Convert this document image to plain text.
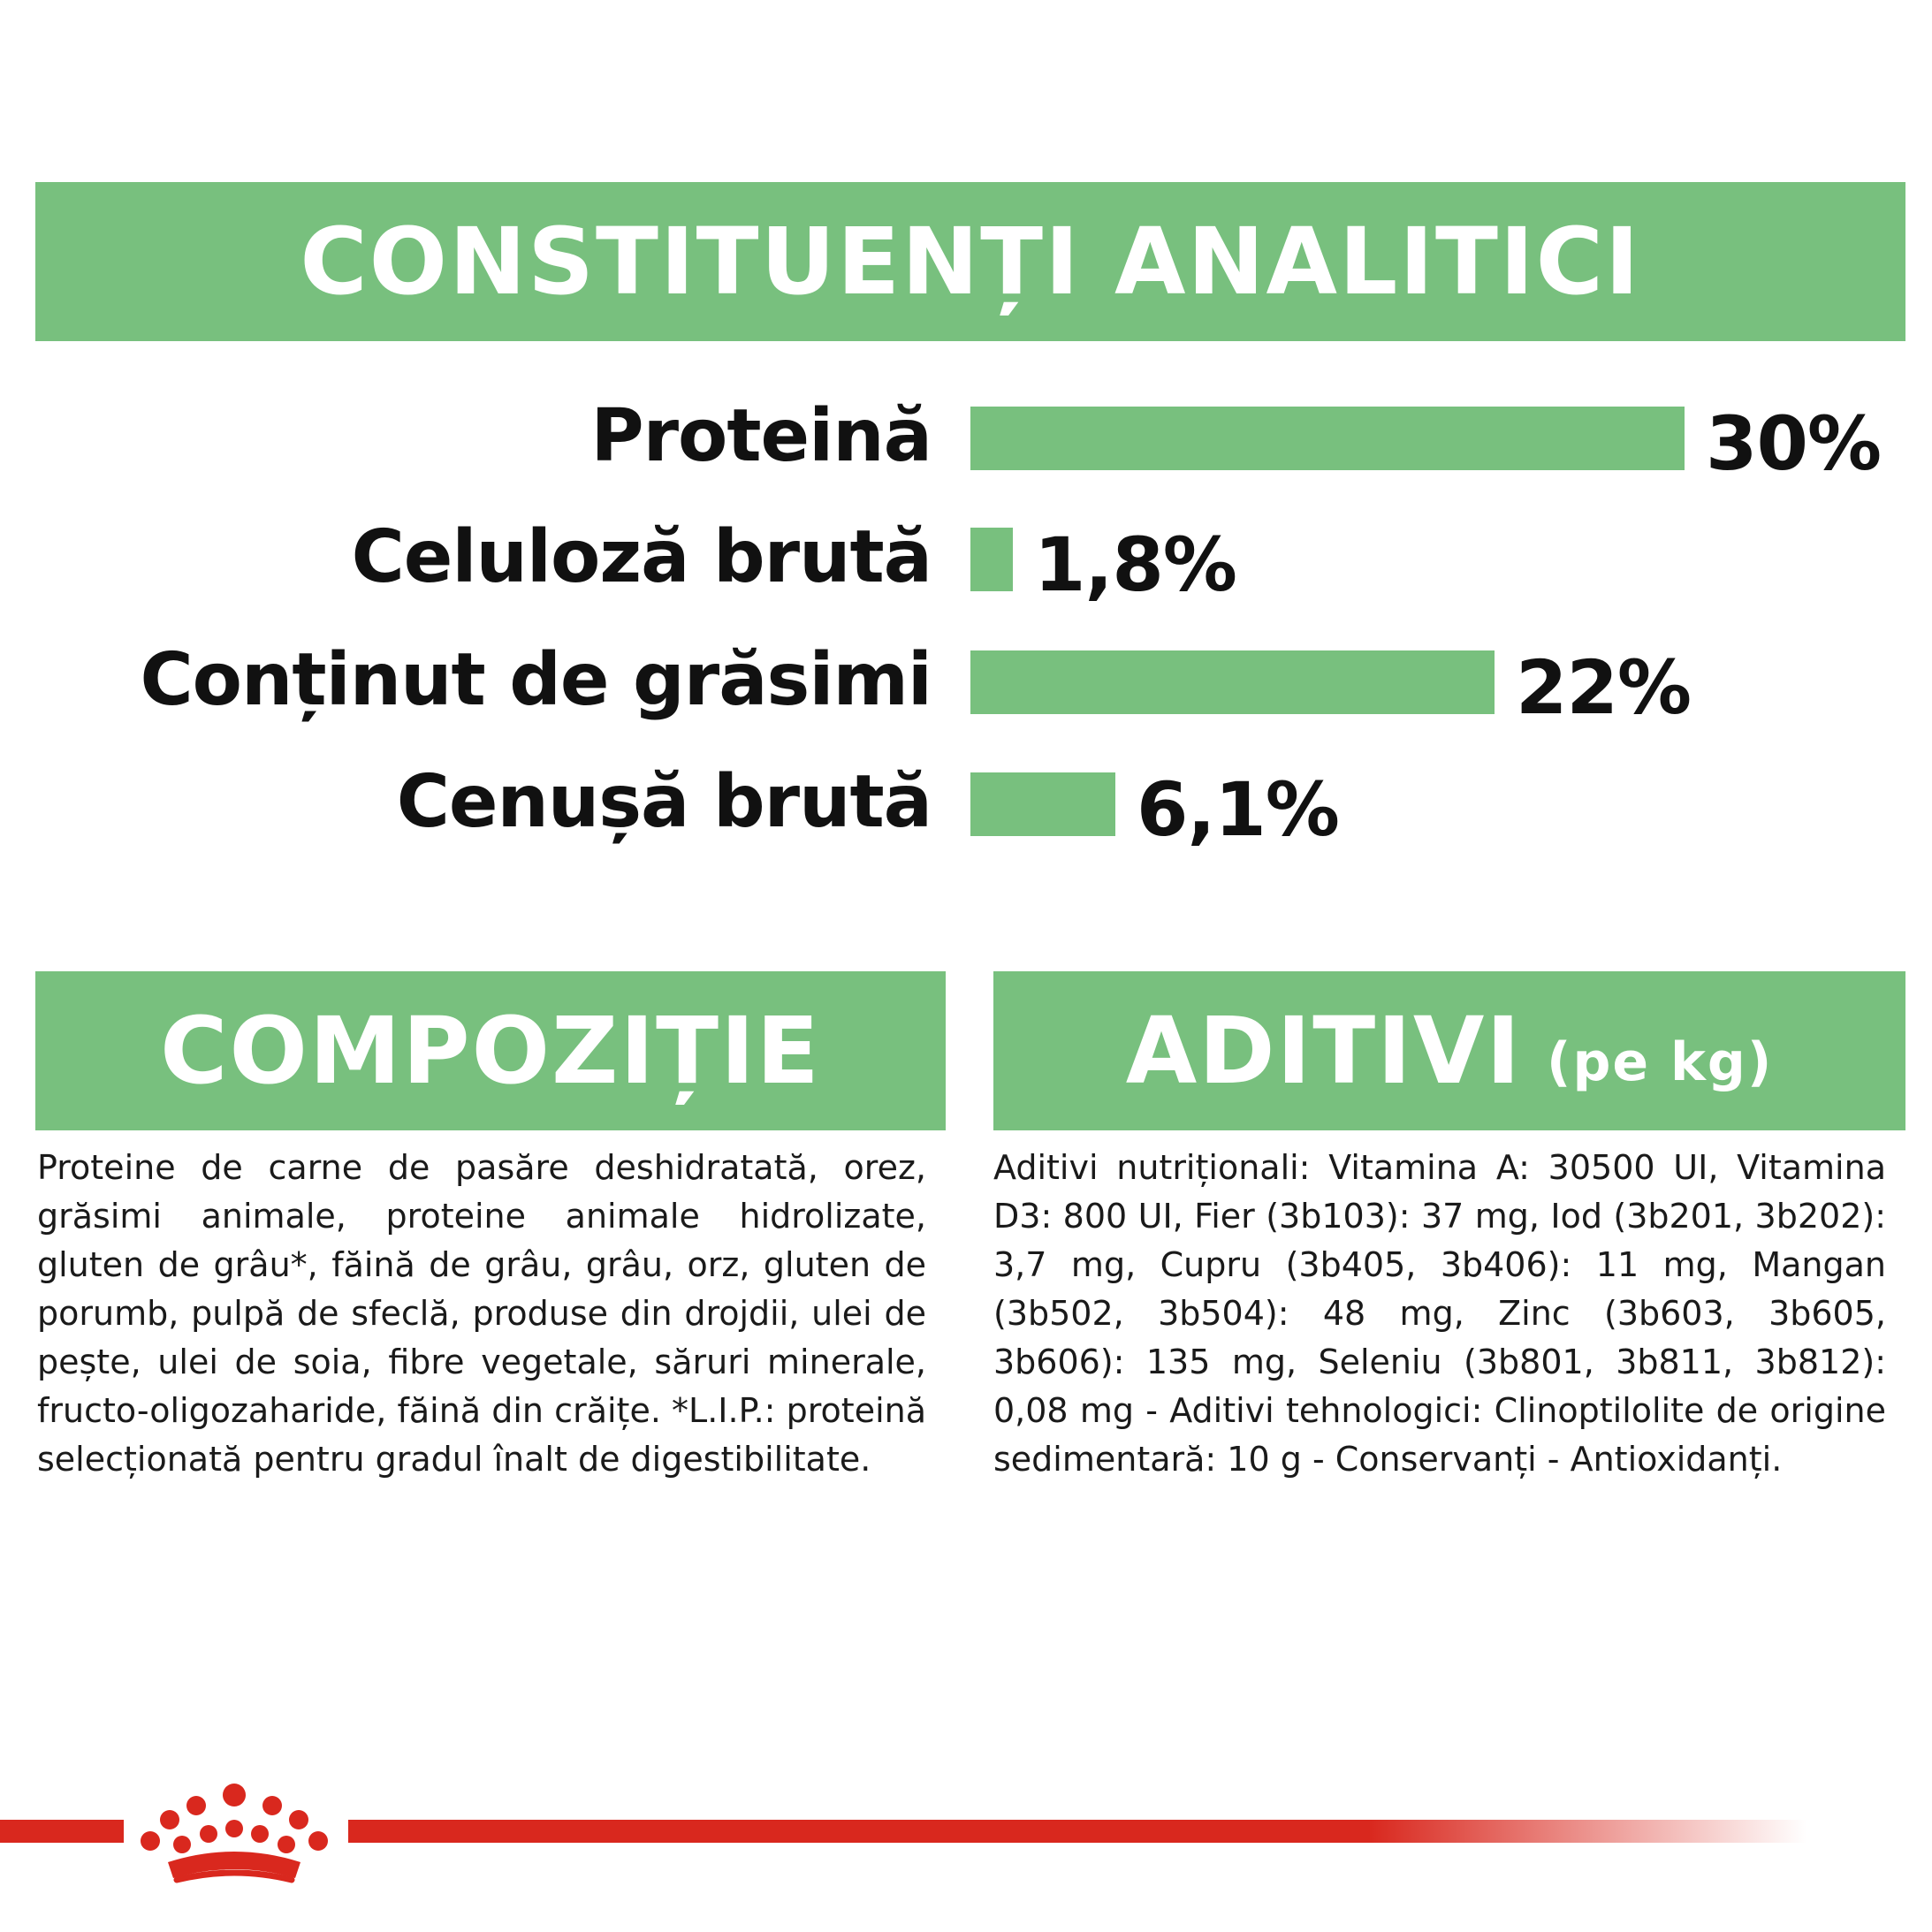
CONSTITUENȚI ANALITICI
Proteină	30%
Celuloză brută 1,8%
Conținut de grăsimi	22%
Cenușă brută	6,1%
COMPOZIȚIE	ADITIVI (pe kg)
Proteine de carne de pasăre deshidratată, orez, grăsimi animale, proteine animale hidrolizate, gluten de grâu*, făină de grâu, grâu, orz, gluten de porumb, pulpă de sfeclă, produse din drojdii, ulei de pește, ulei de soia, fibre vegetale, săruri minerale, fructo-oligozaharide, făină din crăițe. *L.I.P.: proteină selecționată pentru gradul înalt de digestibilitate.
Aditivi nutriționali: Vitamina A: 30500 UI, Vitamina D3: 800 UI, Fier (3b103): 37 mg, Iod (3b201, 3b202): 3,7 mg, Cupru (3b405, 3b406): 11 mg, Mangan (3b502, 3b504): 48 mg, Zinc (3b603, 3b605, 3b606): 135 mg, Seleniu (3b801, 3b811, 3b812): 0,08 mg - Aditivi tehnologici: Clinoptilolite de origine sedimentară: 10 g - Conservanți - Antioxidanți.
